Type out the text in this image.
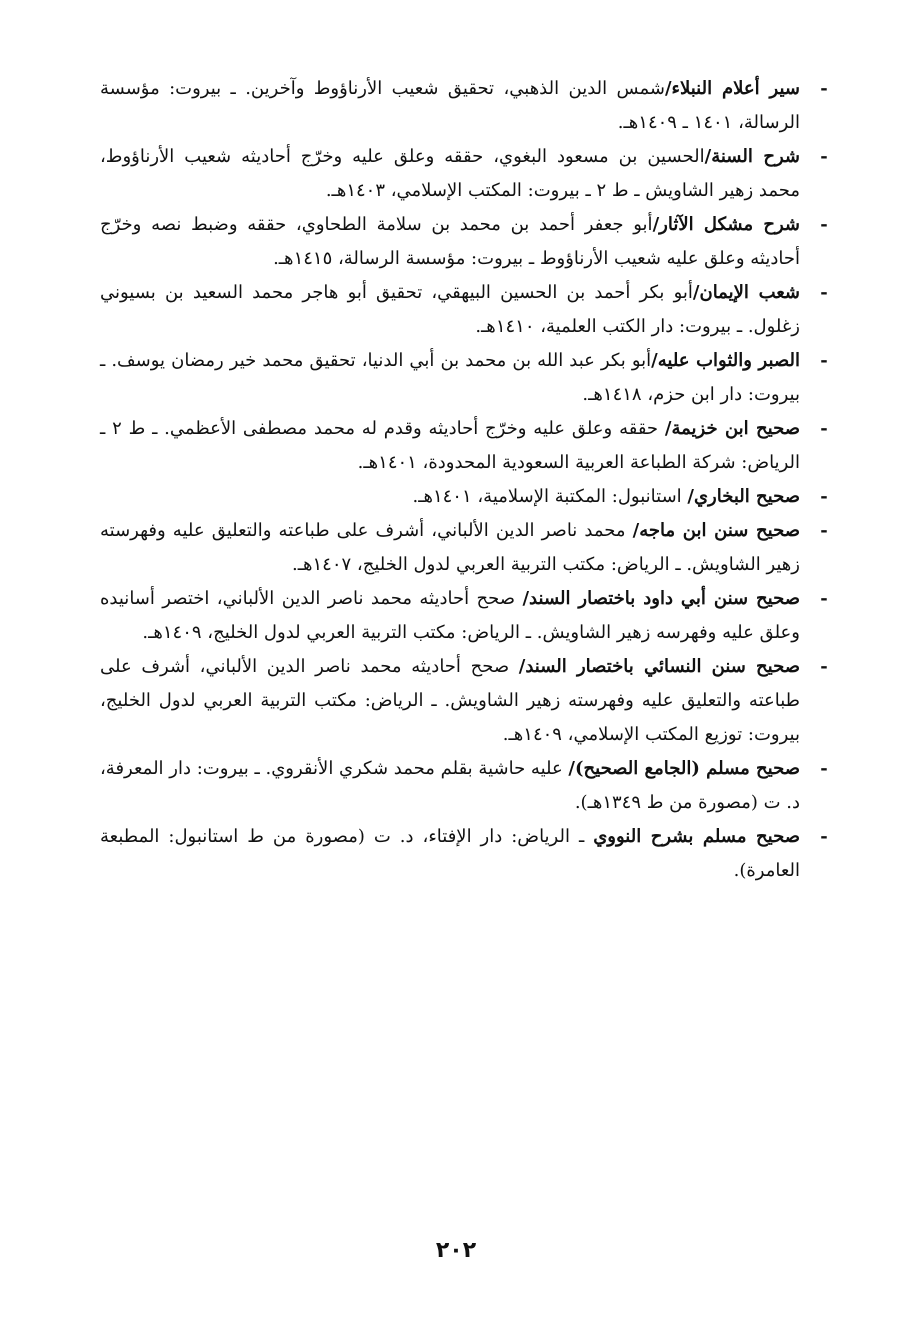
-
سير أعلام النبلاء/شمس الدين الذهبي، تحقيق شعيب الأرناؤوط وآخرين. ـ بيروت: مؤسسة الرسالة، ١٤٠١ ـ ١٤٠٩هـ.
-
شرح السنة/الحسين بن مسعود البغوي، حققه وعلق عليه وخرّج أحاديثه شعيب الأرناؤوط، محمد زهير الشاويش ـ ط ٢ ـ بيروت: المكتب الإسلامي، ١٤٠٣هـ.
-
شرح مشكل الآثار/أبو جعفر أحمد بن محمد بن سلامة الطحاوي، حققه وضبط نصه وخرّج أحاديثه وعلق عليه شعيب الأرناؤوط ـ بيروت: مؤسسة الرسالة، ١٤١٥هـ.
-
شعب الإيمان/أبو بكر أحمد بن الحسين البيهقي، تحقيق أبو هاجر محمد السعيد بن بسيوني زغلول. ـ بيروت: دار الكتب العلمية، ١٤١٠هـ.
-
الصبر والثواب عليه/أبو بكر عبد الله بن محمد بن أبي الدنيا، تحقيق محمد خير رمضان يوسف. ـ بيروت: دار ابن حزم، ١٤١٨هـ.
-
صحيح ابن خزيمة/ حققه وعلق عليه وخرّج أحاديثه وقدم له محمد مصطفى الأعظمي. ـ ط ٢ ـ الرياض: شركة الطباعة العربية السعودية المحدودة، ١٤٠١هـ.
-
صحيح البخاري/ استانبول: المكتبة الإسلامية، ١٤٠١هـ.
-
صحيح سنن ابن ماجه/ محمد ناصر الدين الألباني، أشرف على طباعته والتعليق عليه وفهرسته زهير الشاويش. ـ الرياض: مكتب التربية العربي لدول الخليج، ١٤٠٧هـ.
-
صحيح سنن أبي داود باختصار السند/ صحح أحاديثه محمد ناصر الدين الألباني، اختصر أسانيده وعلق عليه وفهرسه زهير الشاويش. ـ الرياض: مكتب التربية العربي لدول الخليج، ١٤٠٩هـ.
-
صحيح سنن النسائي باختصار السند/ صحح أحاديثه محمد ناصر الدين الألباني، أشرف على طباعته والتعليق عليه وفهرسته زهير الشاويش. ـ الرياض: مكتب التربية العربي لدول الخليج، بيروت: توزيع المكتب الإسلامي، ١٤٠٩هـ.
-
صحيح مسلم (الجامع الصحيح)/ عليه حاشية بقلم محمد شكري الأنقروي. ـ بيروت: دار المعرفة، د. ت (مصورة من ط ١٣٤٩هـ).
-
صحيح مسلم بشرح النووي ـ الرياض: دار الإفتاء، د. ت (مصورة من ط استانبول: المطبعة العامرة).
٢٠٢
